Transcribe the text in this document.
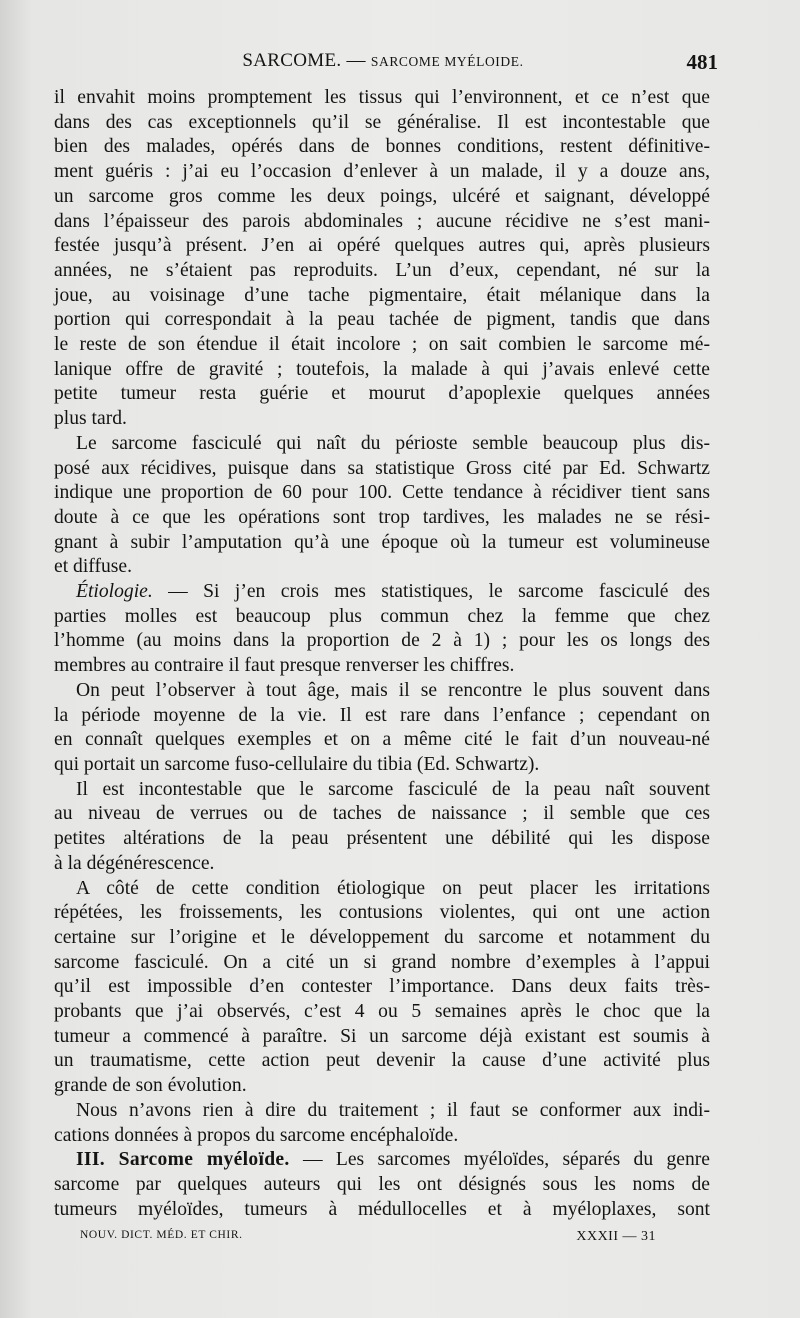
SARCOME. — SARCOME MYÉLOIDE.	481
il envahit moins promptement les tissus qui l’environnent, et ce n’est que
dans des cas exceptionnels qu’il se généralise. Il est incontestable que
bien des malades, opérés dans de bonnes conditions, restent définitive-
ment guéris : j’ai eu l’occasion d’enlever à un malade, il y a douze ans,
un sarcome gros comme les deux poings, ulcéré et saignant, développé
dans l’épaisseur des parois abdominales ; aucune récidive ne s’est mani-
festée jusqu’à présent. J’en ai opéré quelques autres qui, après plusieurs
années, ne s’étaient pas reproduits. L’un d’eux, cependant, né sur la
joue, au voisinage d’une tache pigmentaire, était mélanique dans la
portion qui correspondait à la peau tachée de pigment, tandis que dans
le reste de son étendue il était incolore ; on sait combien le sarcome mé-
lanique offre de gravité ; toutefois, la malade à qui j’avais enlevé cette
petite tumeur resta guérie et mourut d’apoplexie quelques années
plus tard.
Le sarcome fasciculé qui naît du périoste semble beaucoup plus dis-
posé aux récidives, puisque dans sa statistique Gross cité par Ed. Schwartz
indique une proportion de 60 pour 100. Cette tendance à récidiver tient sans
doute à ce que les opérations sont trop tardives, les malades ne se rési-
gnant à subir l’amputation qu’à une époque où la tumeur est volumineuse
et diffuse.
Étiologie. — Si j’en crois mes statistiques, le sarcome fasciculé des
parties molles est beaucoup plus commun chez la femme que chez
l’homme (au moins dans la proportion de 2 à 1) ; pour les os longs des
membres au contraire il faut presque renverser les chiffres.
On peut l’observer à tout âge, mais il se rencontre le plus souvent dans
la période moyenne de la vie. Il est rare dans l’enfance ; cependant on
en connaît quelques exemples et on a même cité le fait d’un nouveau-né
qui portait un sarcome fuso-cellulaire du tibia (Ed. Schwartz).
Il est incontestable que le sarcome fasciculé de la peau naît souvent
au niveau de verrues ou de taches de naissance ; il semble que ces
petites altérations de la peau présentent une débilité qui les dispose
à la dégénérescence.
A côté de cette condition étiologique on peut placer les irritations
répétées, les froissements, les contusions violentes, qui ont une action
certaine sur l’origine et le développement du sarcome et notamment du
sarcome fasciculé. On a cité un si grand nombre d’exemples à l’appui
qu’il est impossible d’en contester l’importance. Dans deux faits très-
probants que j’ai observés, c’est 4 ou 5 semaines après le choc que la
tumeur a commencé à paraître. Si un sarcome déjà existant est soumis à
un traumatisme, cette action peut devenir la cause d’une activité plus
grande de son évolution.
Nous n’avons rien à dire du traitement ; il faut se conformer aux indi-
cations données à propos du sarcome encéphaloïde.
III. Sarcome myéloïde. — Les sarcomes myéloïdes, séparés du genre
sarcome par quelques auteurs qui les ont désignés sous les noms de
tumeurs myéloïdes, tumeurs à médullocelles et à myéloplaxes, sont
NOUV. DICT. MÉD. ET CHIR.	XXXII — 31
